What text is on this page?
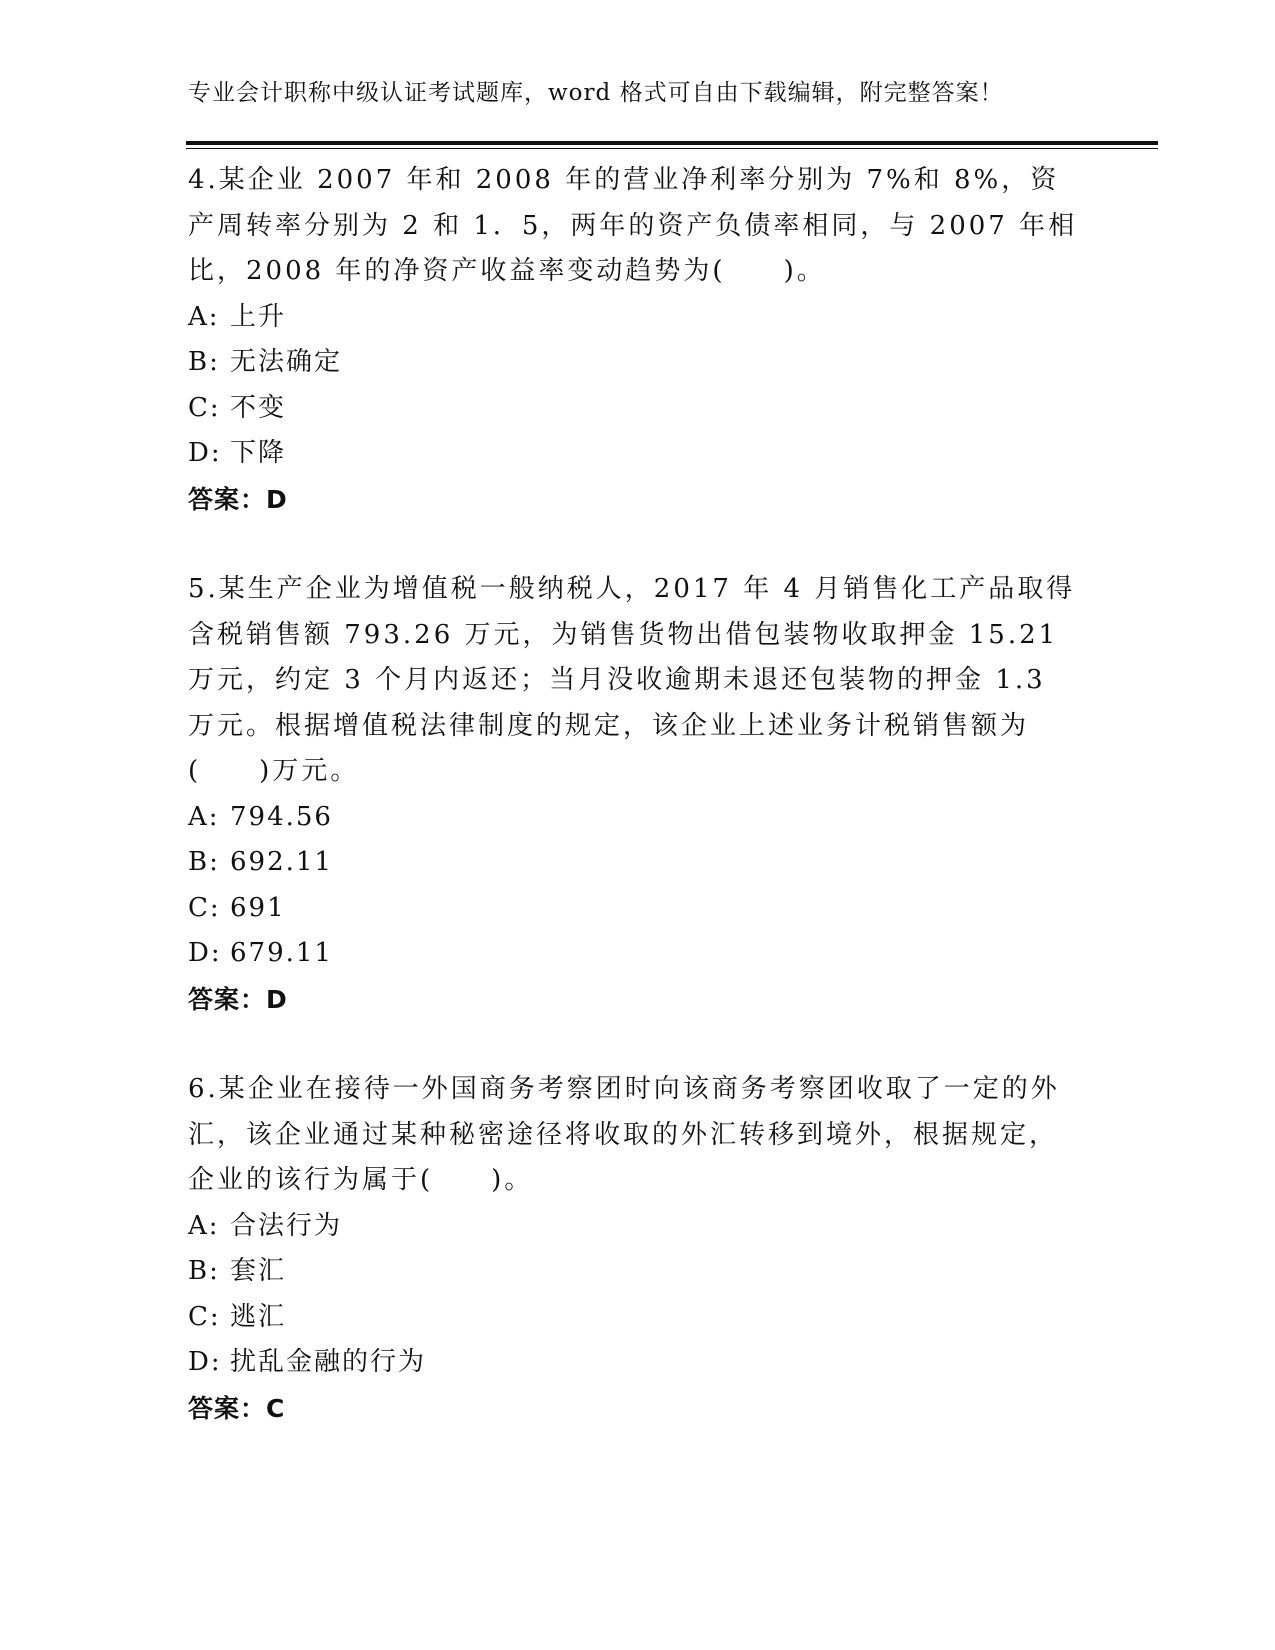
专业会计职称中级认证考试题库，word 格式可自由下载编辑，附完整答案！

4.某企业 2007 年和 2008 年的营业净利率分别为 7%和 8%，资产周转率分别为 2 和 1．5，两年的资产负债率相同，与 2007 年相比，2008 年的净资产收益率变动趋势为(　　)。

A: 上升

B: 无法确定

C: 不变

D: 下降

答案：D

5.某生产企业为增值税一般纳税人，2017 年 4 月销售化工产品取得含税销售额 793.26 万元，为销售货物出借包装物收取押金 15.21 万元，约定 3 个月内返还；当月没收逾期未退还包装物的押金 1.3 万元。根据增值税法律制度的规定，该企业上述业务计税销售额为(　　)万元。

A: 794.56

B: 692.11

C: 691

D: 679.11

答案：D

6.某企业在接待一外国商务考察团时向该商务考察团收取了一定的外汇，该企业通过某种秘密途径将收取的外汇转移到境外，根据规定，企业的该行为属于(　　)。

A: 合法行为

B: 套汇

C: 逃汇

D: 扰乱金融的行为

答案：C
